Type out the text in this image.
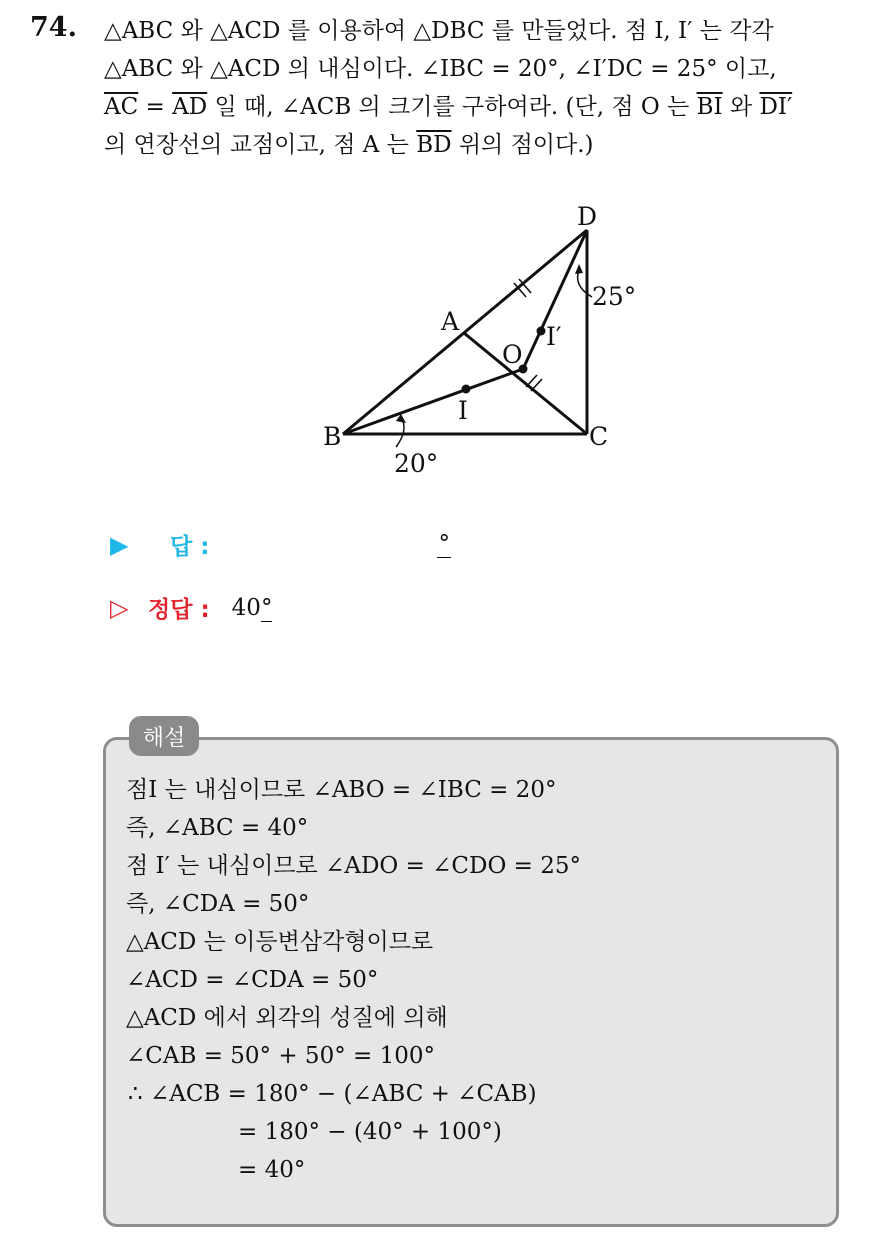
74. △ABC 와 △ACD 를 이용하여 △DBC 를 만들었다. 점 I, I′ 는 각각
△ABC 와 △ACD 의 내심이다. ∠IBC = 20°, ∠I′DC = 25° 이고,
$\overline{AC} = \overline{AD}$ 일 때, ∠ACB 의 크기를 구하여라. (단, 점 O 는 $\overline{BI}$ 와 DI′
의 연장선의 교점이고, 점 A 는 $\overline{BD}$ 위의 점이다.)
D
A
O
I′
I
B	C
25°
20°
▶	답 :	°
▷ 정답 : 40°
해설
점I 는 내심이므로 ∠ABO = ∠IBC = 20°
즉, ∠ABC = 40°
점 I′ 는 내심이므로 ∠ADO = ∠CDO = 25°
즉, ∠CDA = 50°
△ACD 는 이등변삼각형이므로
∠ACD = ∠CDA = 50°
△ACD 에서 외각의 성질에 의해
∠CAB = 50° + 50° = 100°
∴ ∠ACB = 180° − (∠ABC + ∠CAB)
= 180° − (40° + 100°)
= 40°
